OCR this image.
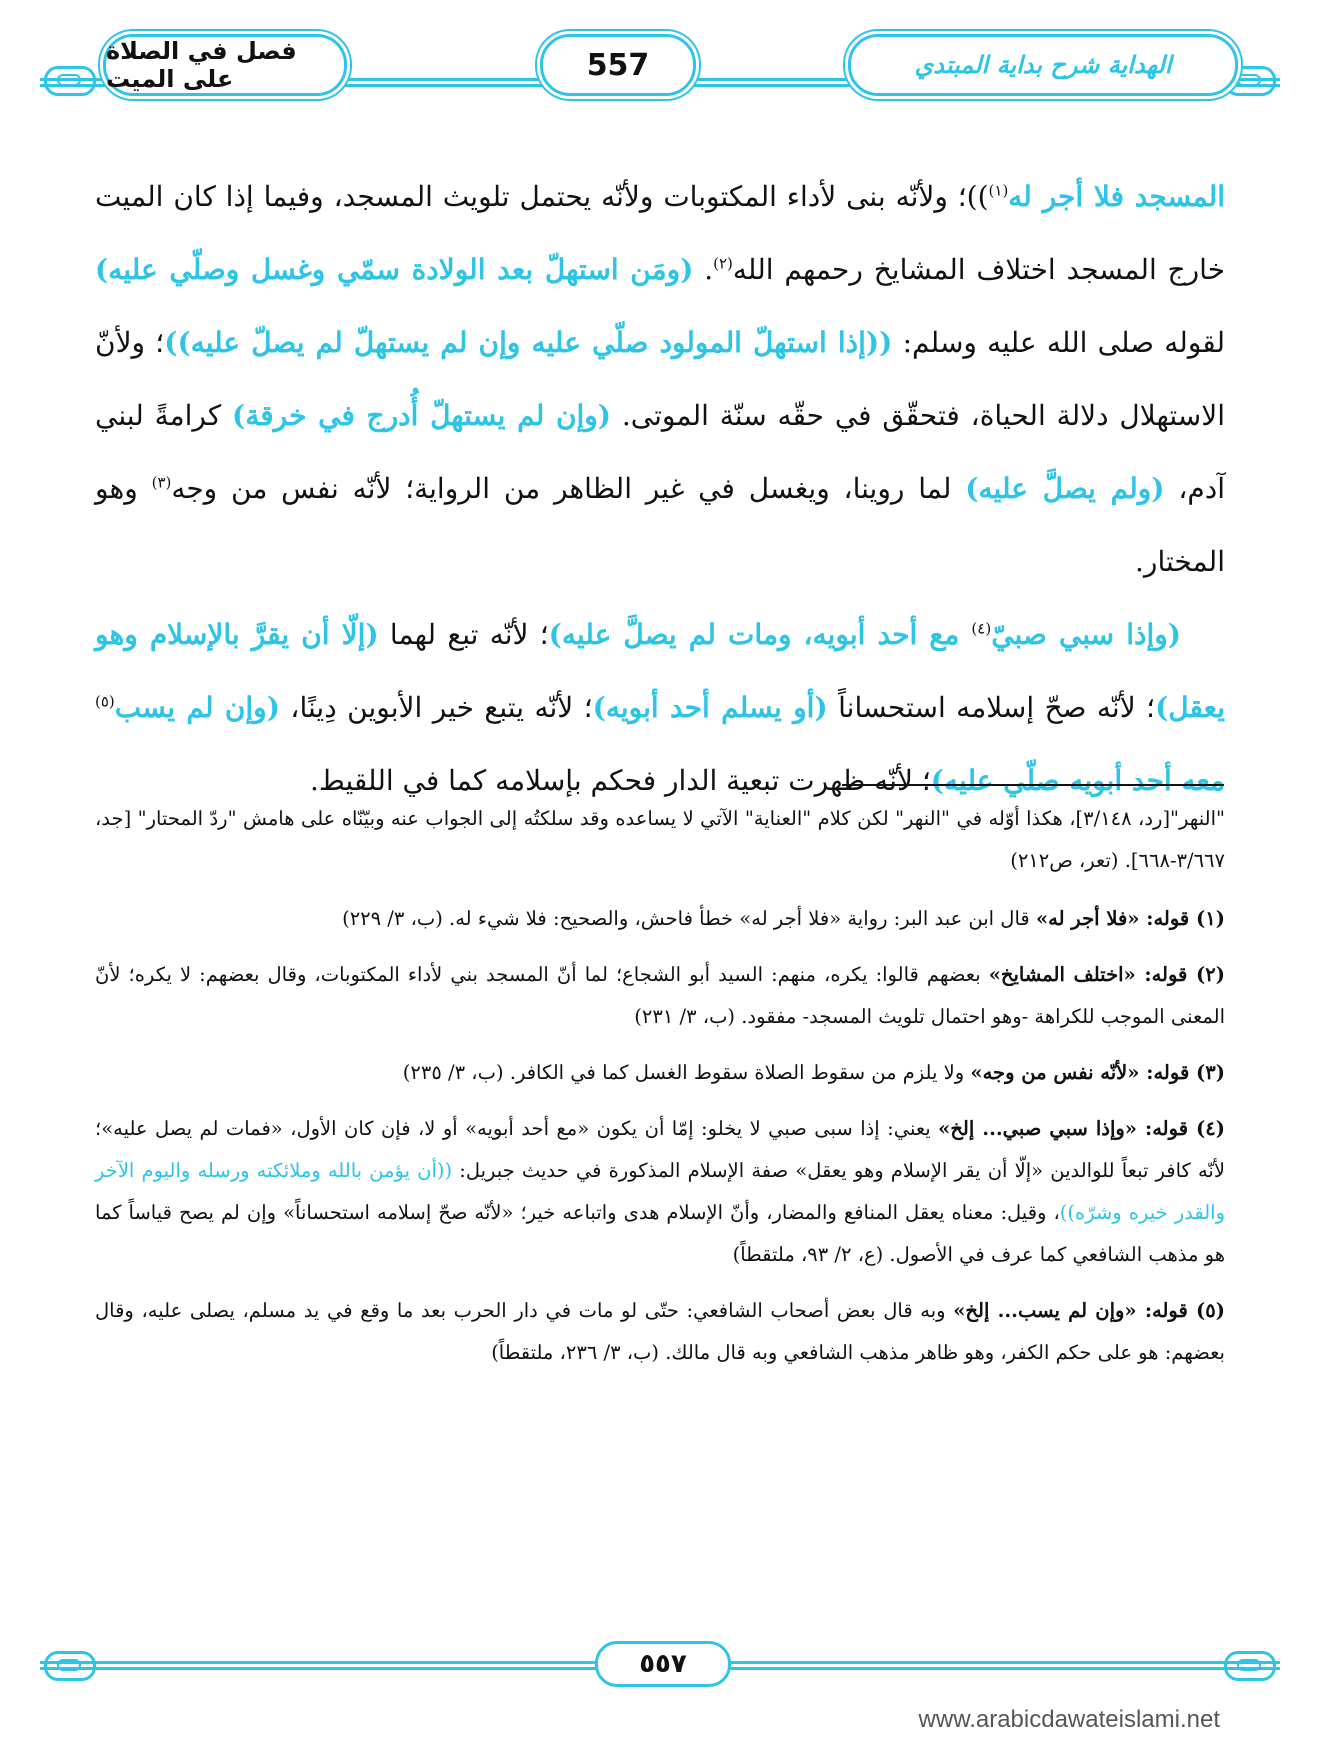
فصل في الصلاة على الميت	557	الهداية شرح بداية المبتدي

المسجد فلا أجر له$^{(١)}$))؛ ولأنّه بنى لأداء المكتوبات ولأنّه يحتمل تلويث المسجد، وفيما إذا كان الميت خارج المسجد اختلاف المشايخ رحمهم الله$^{(٢)}$. (ومَن استهلّ بعد الولادة سمّي وغسل وصلّي عليه) لقوله صلى الله عليه وسلم: ((إذا استهلّ المولود صلّي عليه وإن لم يستهلّ لم يصلّ عليه))؛ ولأنّ الاستهلال دلالة الحياة، فتحقّق في حقّه سنّة الموتى. (وإن لم يستهلّ أُدرج في خرقة) كرامةً لبني آدم، (ولم يصلَّ عليه) لما روينا، ويغسل في غير الظاهر من الرواية؛ لأنّه نفس من وجه$^{(٣)}$ وهو المختار.

(وإذا سبي صبيّ$^{(٤)}$ مع أحد أبويه، ومات لم يصلَّ عليه)؛ لأنّه تبع لهما (إلّا أن يقرَّ بالإسلام وهو يعقل)؛ لأنّه صحّ إسلامه استحساناً (أو يسلم أحد أبويه)؛ لأنّه يتبع خير الأبوين دِينًا، (وإن لم يسب$^{(٥)}$ معه أحد أبويه صلّي عليه)؛ لأنّه ظهرت تبعية الدار فحكم بإسلامه كما في اللقيط.

"النهر"[رد، ٣/١٤٨]، هكذا أوّله في "النهر" لكن كلام "العناية" الآتي لا يساعده وقد سلكتُه إلى الجواب عنه وبيّنّاه على هامش "ردّ المحتار" [جد، ٣/٦٦٧-٦٦٨]. (تعر، ص٢١٢)

(١) قوله: «فلا أجر له» قال ابن عبد البر: رواية «فلا أجر له» خطأ فاحش، والصحيح: فلا شيء له. (ب، ٣/ ٢٢٩)

(٢) قوله: «اختلف المشايخ» بعضهم قالوا: يكره، منهم: السيد أبو الشجاع؛ لما أنّ المسجد بني لأداء المكتوبات، وقال بعضهم: لا يكره؛ لأنّ المعنى الموجب للكراهة -وهو احتمال تلويث المسجد- مفقود. (ب، ٣/ ٢٣١)

(٣) قوله: «لأنّه نفس من وجه» ولا يلزم من سقوط الصلاة سقوط الغسل كما في الكافر. (ب، ٣/ ٢٣٥)

(٤) قوله: «وإذا سبي صبي... إلخ» يعني: إذا سبى صبي لا يخلو: إمّا أن يكون «مع أحد أبويه» أو لا، فإن كان الأول، «فمات لم يصل عليه»؛ لأنّه كافر تبعاً للوالدين «إلّا أن يقر الإسلام وهو يعقل» صفة الإسلام المذكورة في حديث جبريل: ((أن يؤمن بالله وملائكته ورسله واليوم الآخر والقدر خيره وشرّه))، وقيل: معناه يعقل المنافع والمضار، وأنّ الإسلام هدى واتباعه خير؛ «لأنّه صحّ إسلامه استحساناً» وإن لم يصح قياساً كما هو مذهب الشافعي كما عرف في الأصول. (ع، ٢/ ٩٣، ملتقطاً)

(٥) قوله: «وإن لم يسب... إلخ» وبه قال بعض أصحاب الشافعي: حتّى لو مات في دار الحرب بعد ما وقع في يد مسلم، يصلى عليه، وقال بعضهم: هو على حكم الكفر، وهو ظاهر مذهب الشافعي وبه قال مالك. (ب، ٣/ ٢٣٦، ملتقطاً)

٥٥٧
www.arabicdawateislami.net
